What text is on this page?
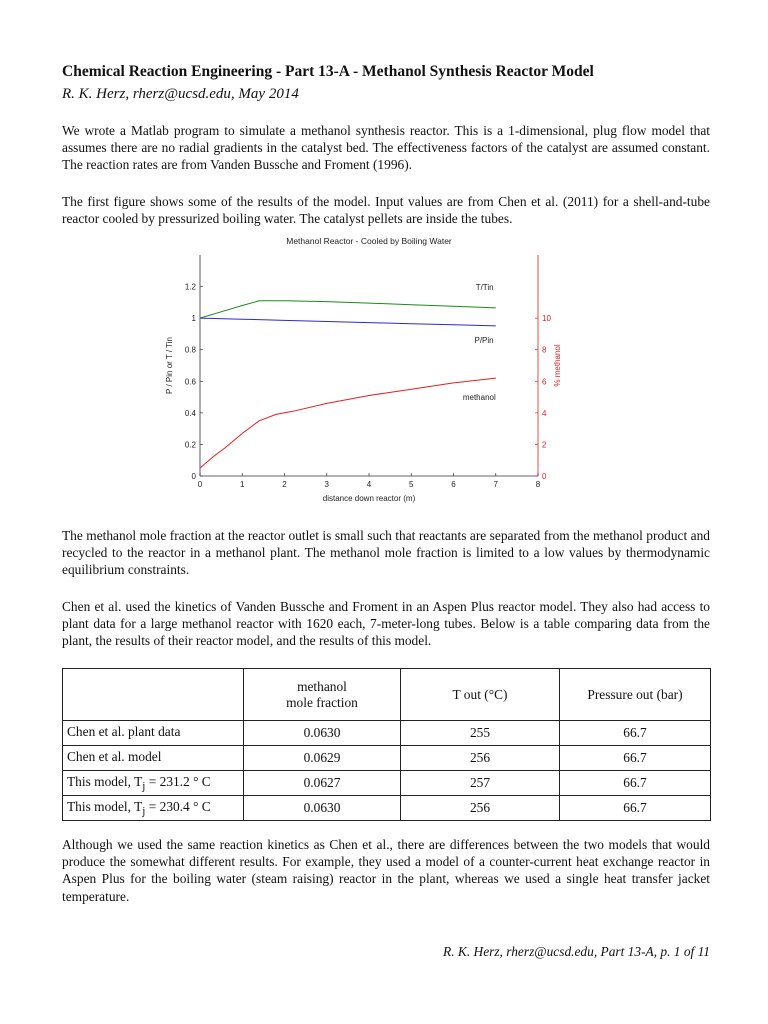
Chemical Reaction Engineering - Part 13-A - Methanol Synthesis Reactor Model

R. K. Herz, rherz@ucsd.edu, May 2014

We wrote a Matlab program to simulate a methanol synthesis reactor. This is a 1-dimensional, plug flow model that assumes there are no radial gradients in the catalyst bed. The effectiveness factors of the catalyst are assumed constant. The reaction rates are from Vanden Bussche and Froment (1996).

The first figure shows some of the results of the model. Input values are from Chen et al. (2011) for a shell-and-tube reactor cooled by pressurized boiling water. The catalyst pellets are inside the tubes.

Methanol Reactor - Cooled by Boiling Water
0	1	2	3	4	5	6	7	8
0
0.2
0.4
0.6
0.8
1
1.2
0
2
4
6
8
10
distance down reactor (m)
P / Pin or T / Tin	% methanol
T/Tin
P/Pin
methanol

The methanol mole fraction at the reactor outlet is small such that reactants are separated from the methanol product and recycled to the reactor in a methanol plant. The methanol mole fraction is limited to a low values by thermodynamic equilibrium constraints.

Chen et al. used the kinetics of Vanden Bussche and Froment in an Aspen Plus reactor model. They also had access to plant data for a large methanol reactor with 1620 each, 7-meter-long tubes. Below is a table comparing data from the plant, the results of their reactor model, and the results of this model.

	methanol
mole fraction	T out (°C)	Pressure out (bar)
Chen et al. plant data	0.0630	255	66.7
Chen et al. model	0.0629	256	66.7
This model, $T_j = 231.2$ ° C	0.0627	257	66.7
This model, $T_j = 230.4$ ° C	0.0630	256	66.7

Although we used the same reaction kinetics as Chen et al., there are differences between the two models that would produce the somewhat different results. For example, they used a model of a counter-current heat exchange reactor in Aspen Plus for the boiling water (steam raising) reactor in the plant, whereas we used a single heat transfer jacket temperature.

R. K. Herz, rherz@ucsd.edu, Part 13-A, p. 1 of 11
